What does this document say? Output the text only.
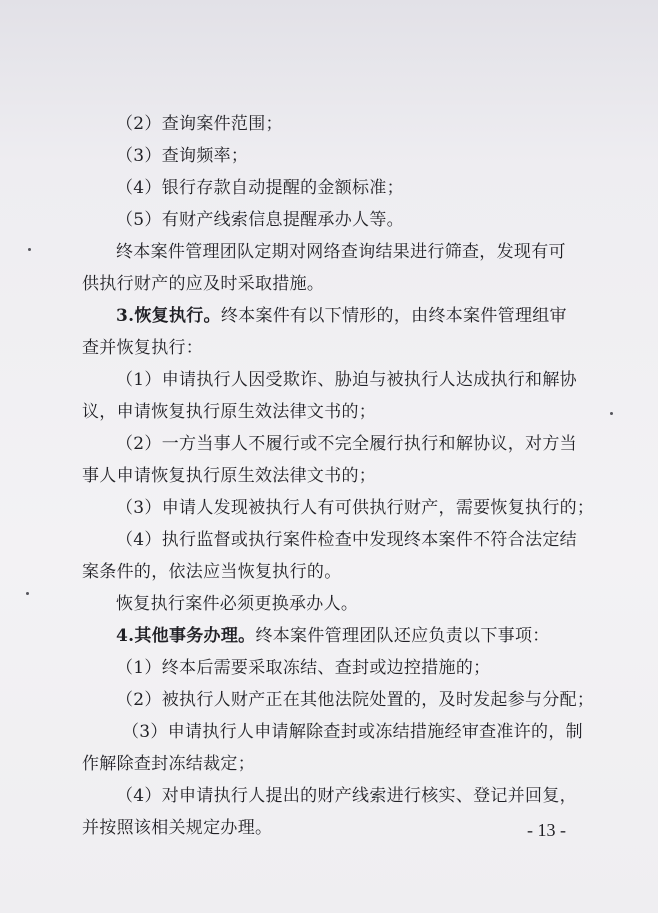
（2）查询案件范围；
（3）查询频率；
（4）银行存款自动提醒的金额标准；
（5）有财产线索信息提醒承办人等。
终本案件管理团队定期对网络查询结果进行筛查，发现有可
供执行财产的应及时采取措施。
3.恢复执行。终本案件有以下情形的，由终本案件管理组审
查并恢复执行：
（1）申请执行人因受欺诈、胁迫与被执行人达成执行和解协
议，申请恢复执行原生效法律文书的；
（2）一方当事人不履行或不完全履行执行和解协议，对方当
事人申请恢复执行原生效法律文书的；
（3）申请人发现被执行人有可供执行财产，需要恢复执行的；
（4）执行监督或执行案件检查中发现终本案件不符合法定结
案条件的，依法应当恢复执行的。
恢复执行案件必须更换承办人。
4.其他事务办理。终本案件管理团队还应负责以下事项：
（1）终本后需要采取冻结、查封或边控措施的；
（2）被执行人财产正在其他法院处置的，及时发起参与分配；
（3）申请执行人申请解除查封或冻结措施经审查准许的，制
作解除查封冻结裁定；
（4）对申请执行人提出的财产线索进行核实、登记并回复，
并按照该相关规定办理。	- 13 -
